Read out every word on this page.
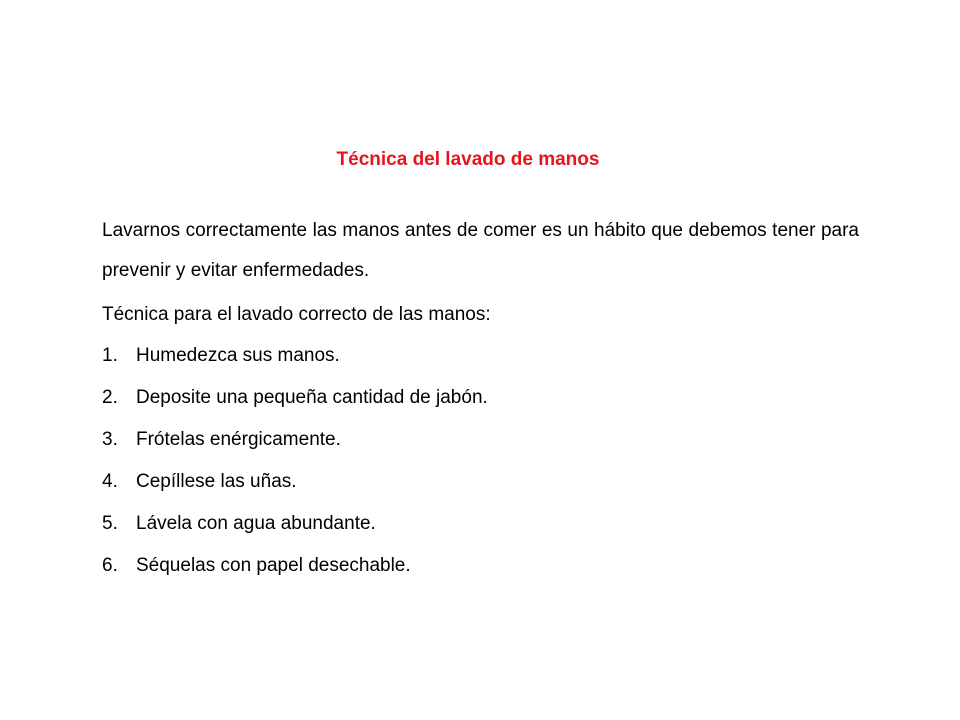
Técnica del lavado de manos

Lavarnos correctamente las manos antes de comer es un hábito que debemos tener para prevenir y evitar enfermedades.

Técnica para el lavado correcto de las manos:

1. Humedezca sus manos.
2. Deposite una pequeña cantidad de jabón.
3. Frótelas enérgicamente.
4. Cepíllese las uñas.
5. Lávela con agua abundante.
6. Séquelas con papel desechable.
